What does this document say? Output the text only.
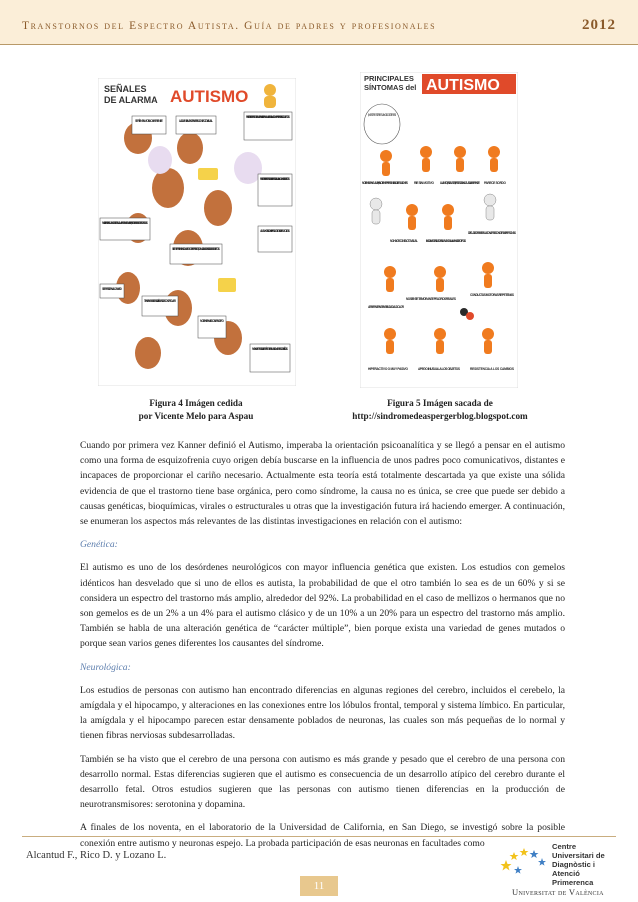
Transtornos del Espectro Autista. Guía de padres y profesionales	2012
SEÑALES
DE ALARMA AUTISMO
SE RÍEN SIN MOTIVO APARENTE	LA CUENTA MANTENER EL CONTACTO VISUAL
PUEDEN PRESENTAR AUSENCIA DE LENGUAJE ORAL NO COMPRENDEN CON GESTOS
PUEDEN PRESENTAR UN APEGO INUSUAL A ALGUNOS OBJETOS
NO ATIENDEN CUANDO SE LES LLAMA POR SU NOMBRE, PUEDEN PARECER SORDOS
ALGUNOS SON HIPERACTIVOS O HIPOACTIVOS
SE ENTRETIENEN CON JUEGOS REPETITIVOS, COMO ALINEAR O GIRAR OBJETOS
SE RESISTEN AL CAMBIO
TIENEN RABIETAS DIFÍCILES DE CONTROLAR
NO TIENEN MIEDO AL PELIGRO
NO MUESTRAN INTERÉS POR RELACIONARSE CON NIÑOS
PRINCIPALES
SÍNTOMAS del AUTISMO
¡NES TRES TRES UNO DOS TRES!
NO TIENE LENGUAJE, Y SI LO TIENE PRESENTA ALTERACIONES RIE SIN MOTIVO LLANTO, PATALETA, TRISTEZA SIN CAUSA APARENTE PARECE SORDO
DIFICULTAD PARA RELACIONARSE CON OTRAS PERSONAS
NO HACE CONTACTO VISUAL	INDICA NECESIDADES LLEVANDO LA MANO DE OTROS
CONDUCTAS MOTORAS REPETITIVAS
NO SIENTE TEMOR ANTE PELIGROS REALES
APARENTE INSENSIBILIDAD AL DOLOR
HIPERACTIVO O MUY PASIVO	APEGO INUSUAL A LOS OBJETOS	RESISTENCIA A LOS CAMBIOS
Figura 4 Imágen cedida
por Vicente Melo para Aspau
Figura 5 Imágen sacada de
http://sindromedeaspergerblog.blogspot.com

Cuando por primera vez Kanner definió el Autismo, imperaba la orientación psicoanalítica y se llegó a pensar en el autismo como una forma de esquizofrenia cuyo origen debía buscarse en la influencia de unos padres poco comunicativos, distantes e incapaces de proporcionar el cariño necesario. Actualmente esta teoría está totalmente descartada ya que existe una sólida evidencia de que el trastorno tiene base orgánica, pero como síndrome, la causa no es única, se cree que puede ser debido a causas genéticas, bioquímicas, virales o estructurales u otras que la investigación futura irá haciendo emerger. A continuación, se enumeran los aspectos más relevantes de las distintas investigaciones en relación con el autismo:

Genética:

El autismo es uno de los desórdenes neurológicos con mayor influencia genética que existen. Los estudios con gemelos idénticos han desvelado que si uno de ellos es autista, la probabilidad de que el otro también lo sea es de un 60% y si se considera un espectro del trastorno más amplio, alrededor del 92%. La probabilidad en el caso de mellizos o hermanos que no son gemelos es de un 2% a un 4% para el autismo clásico y de un 10% a un 20% para un espectro del trastorno más amplio. También se habla de una alteración genética de “carácter múltiple”, bien porque exista una variedad de genes mutados o porque sean varios genes diferentes los causantes del síndrome.

Neurológica:

Los estudios de personas con autismo han encontrado diferencias en algunas regiones del cerebro, incluidos el cerebelo, la amígdala y el hipocampo, y alteraciones en las conexiones entre los lóbulos frontal, temporal y sistema límbico. En particular, la amígdala y el hipocampo parecen estar densamente poblados de neuronas, las cuales son más pequeñas de lo normal y tienen fibras nerviosas subdesarrolladas.

También se ha visto que el cerebro de una persona con autismo es más grande y pesado que el cerebro de una persona con desarrollo normal. Estas diferencias sugieren que el autismo es consecuencia de un desarrollo atípico del cerebro durante el desarrollo fetal. Otros estudios sugieren que las personas con autismo tienen diferencias en la producción de neurotransmisores: serotonina y dopamina.

A finales de los noventa, en el laboratorio de la Universidad de California, en San Diego, se investigó sobre la posible conexión entre autismo y neuronas espejo. La probada participación de esas neuronas en facultades como

Alcantud F., Rico D. y Lozano L.
11
Centre
Universitari de
Diagnòstic i
Atenció
Primerenca
Universitat de València
